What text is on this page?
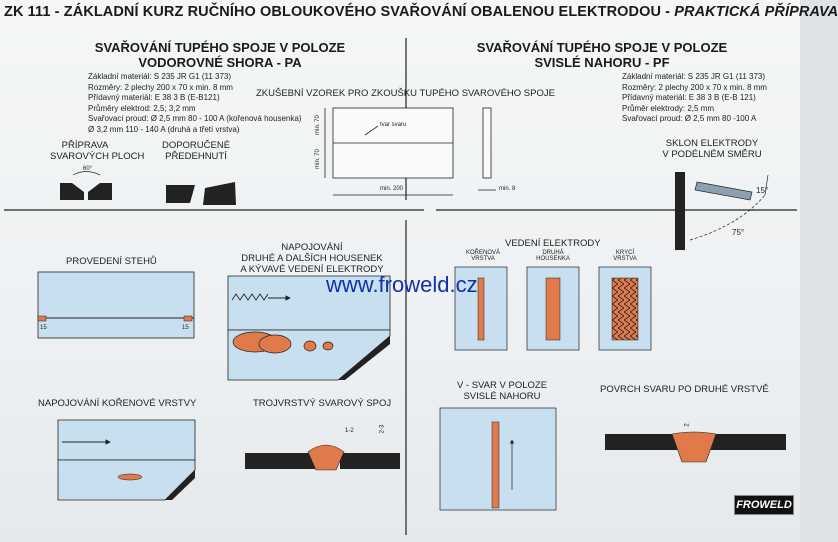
ZK 111 - ZÁKLADNÍ KURZ RUČNÍHO OBLOUKOVÉHO SVAŘOVÁNÍ OBALENOU ELEKTRODOU - PRAKTICKÁ PŘÍPRAVA
SVAŘOVÁNÍ TUPÉHO SPOJE V POLOZE
VODOROVNÉ SHORA - PA
Základní materiál: S 235 JR G1 (11 373)
Rozměry: 2 plechy 200 x 70 x min. 8 mm
Přídavný materiál: E 38 3 B (E-B121)
Průměry elektrod: 2,5; 3,2 mm
Svařovací proud: Ø 2,5 mm 80 - 100 A (kořenová housenka)
Ø 3,2 mm 110 - 140 A (druhá a třetí vrstva)
SVAŘOVÁNÍ TUPÉHO SPOJE V POLOZE
SVISLÉ NAHORU - PF
Základní materiál: S 235 JR G1 (11 373)
Rozměry: 2 plechy 200 x 70 x min. 8 mm
Přídavný materiál: E 38 3 B (E-B 121)
Průměr elektrody: 2,5 mm
Svařovací proud: Ø 2,5 mm 80 -100 A
ZKUŠEBNÍ VZOREK PRO ZKOUŠKU TUPÉHO SVAROVÉHO SPOJE
tvar svaru
min. 200	min. 8
min. 70
min. 70
PŘÍPRAVA
SVAROVÝCH PLOCH
DOPORUČENÉ
PŘEDEHNUTÍ
60°
SKLON ELEKTRODY
V PODÉLNÉM SMĚRU
75°
15°
PROVEDENÍ STEHŮ
15	15
NAPOJOVÁNÍ
DRUHÉ A DALŠÍCH HOUSENEK
A KÝVAVÉ VEDENÍ ELEKTRODY
NAPOJOVÁNÍ KOŘENOVÉ VRSTVY	TROJVRSTVÝ SVAROVÝ SPOJ
1-2	2-3
VEDENÍ ELEKTRODY
KOŘENOVÁ
VRSTVA
DRUHÁ
HOUSENKA
KRYCÍ
VRSTVA
V - SVAR V POLOZE
SVISLÉ NAHORU
POVRCH SVARU PO DRUHÉ VRSTVĚ
2
www.froweld.cz
FROWELD
